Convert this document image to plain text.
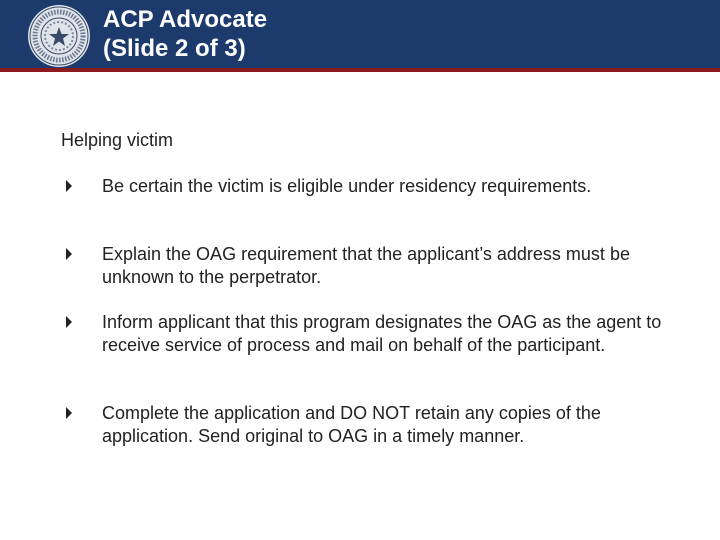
ACP Advocate
(Slide 2 of 3)
Helping victim
Be certain the victim is eligible under residency requirements.
Explain the OAG requirement that the applicant’s address must be unknown to the perpetrator.
Inform applicant that this program designates the OAG as the agent to receive service of process and mail on behalf of the participant.
Complete the application and DO NOT retain any copies of the application. Send original to OAG in a timely manner.
